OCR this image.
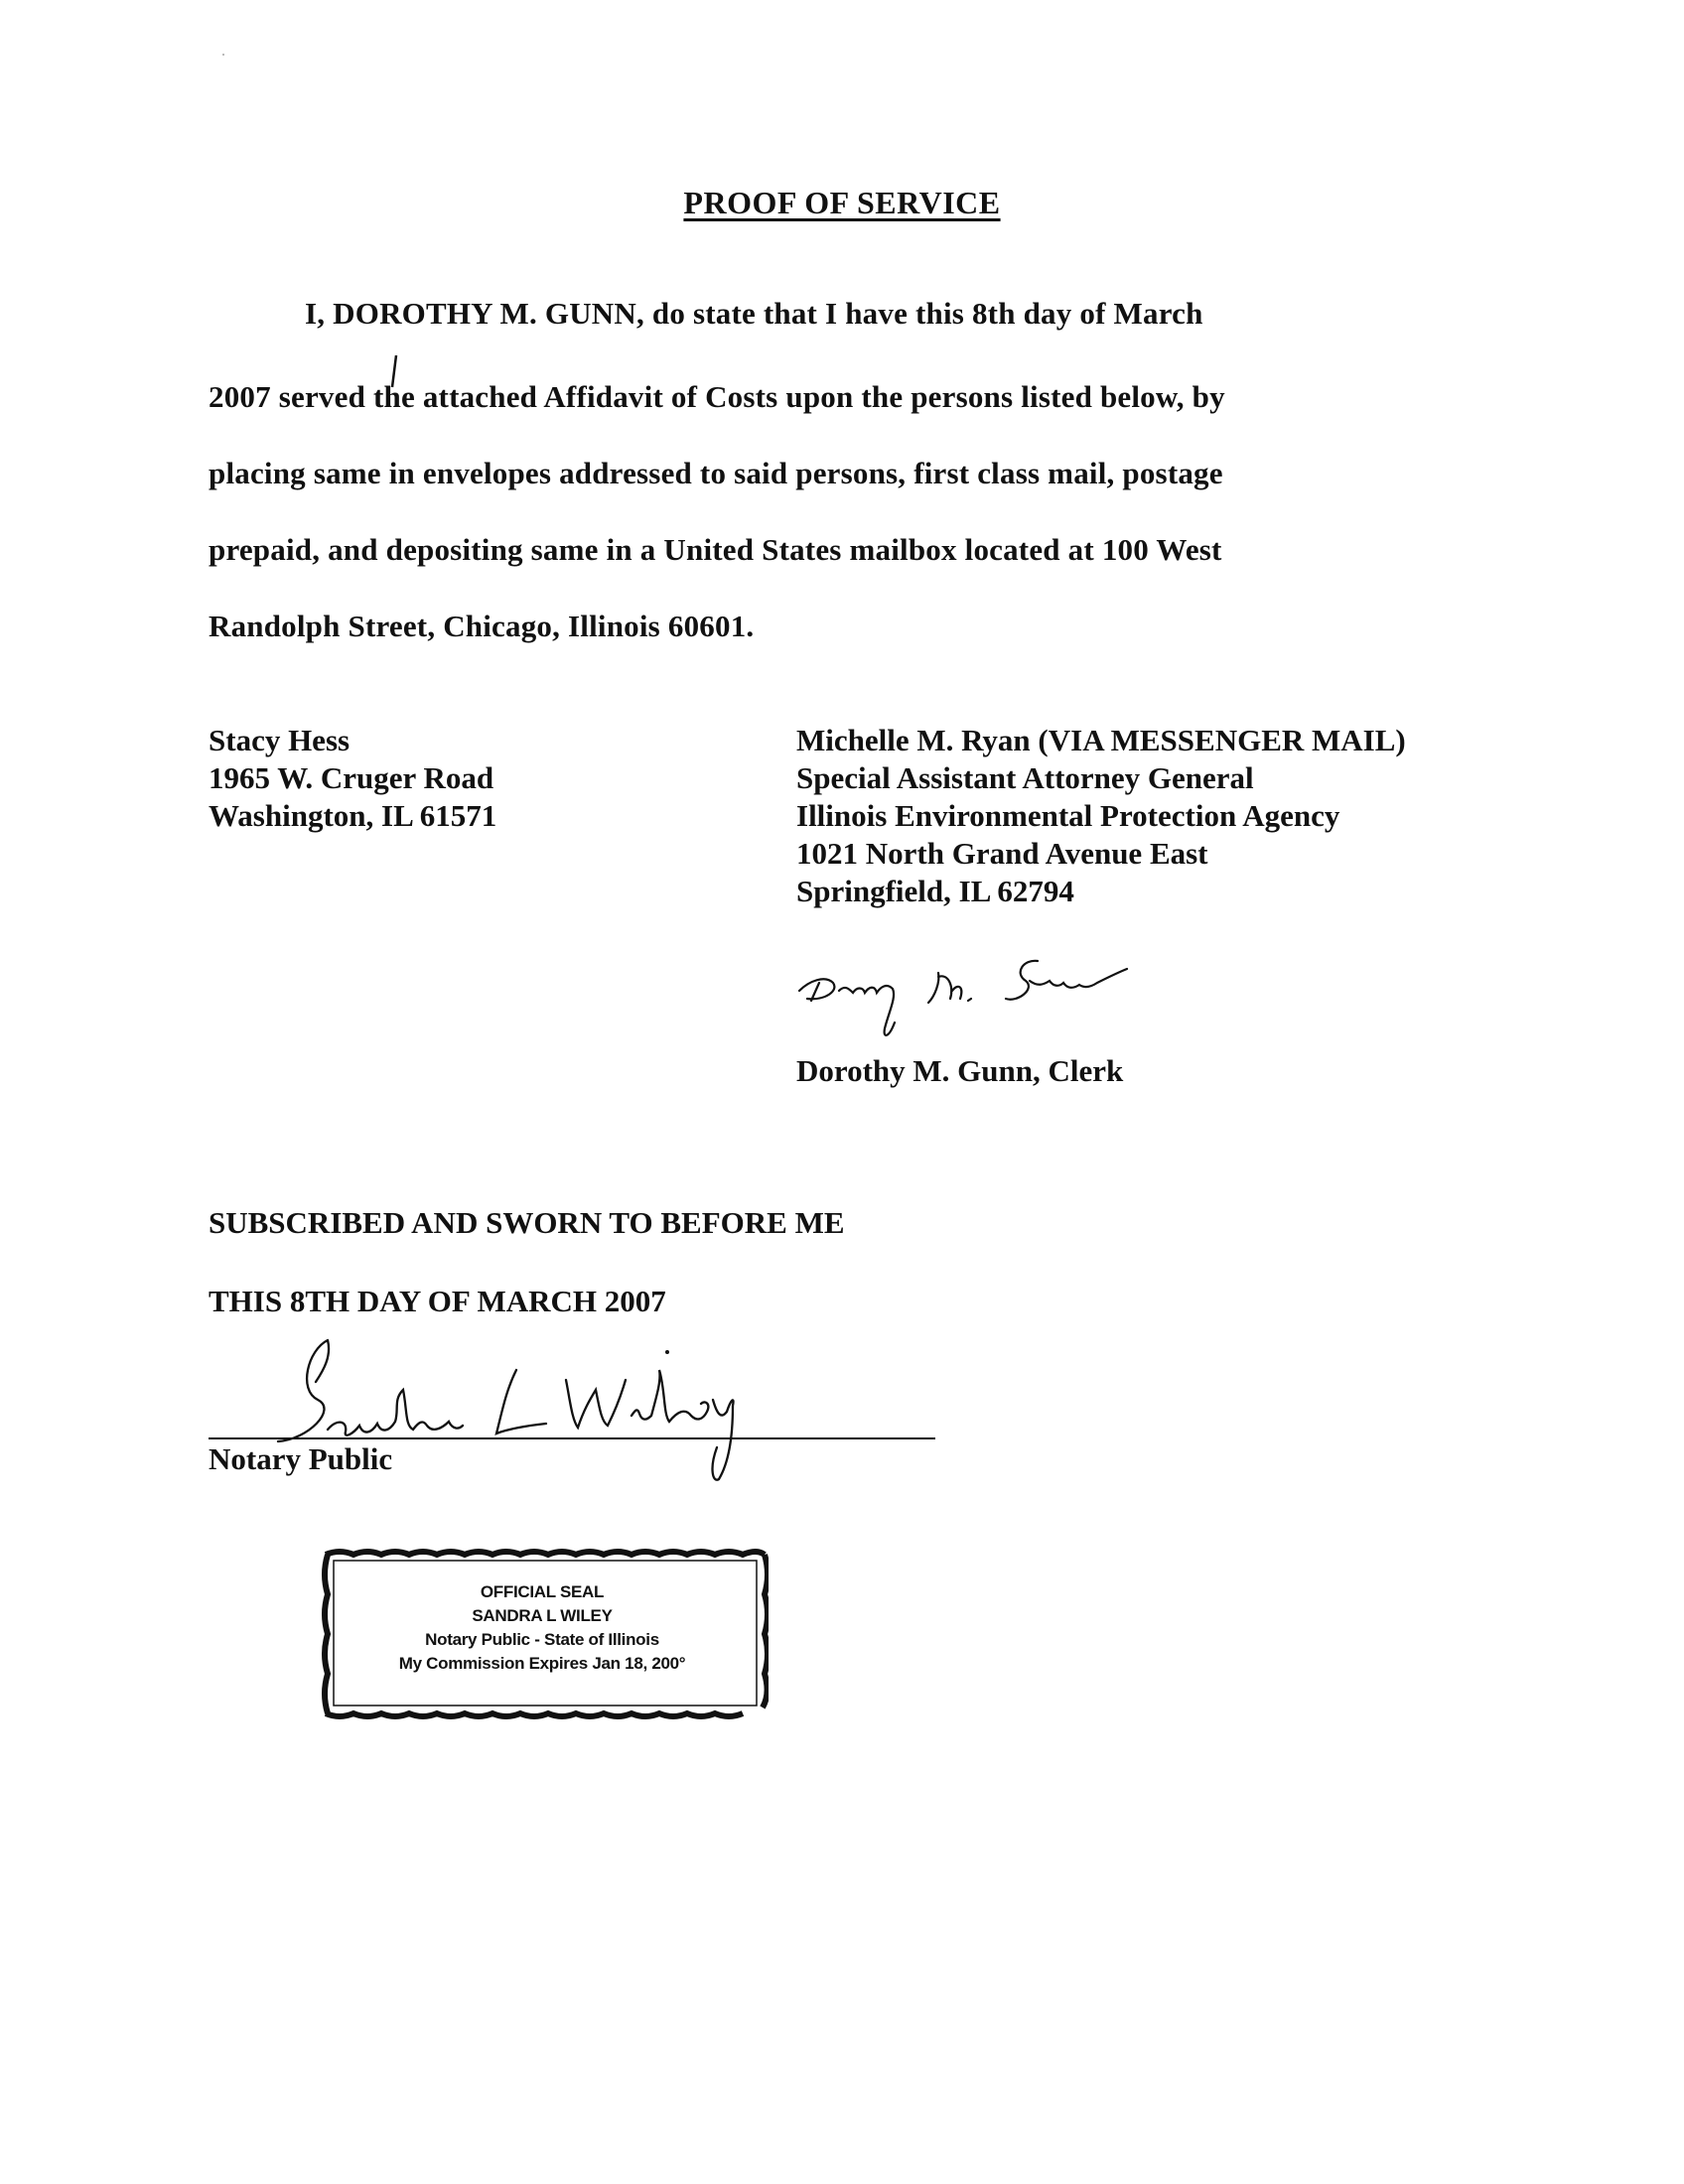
PROOF OF SERVICE
I, DOROTHY M. GUNN, do state that I have this 8th day of March
2007 served the attached Affidavit of Costs upon the persons listed below, by
placing same in envelopes addressed to said persons, first class mail, postage
prepaid, and depositing same in a United States mailbox located at 100 West
Randolph Street, Chicago, Illinois 60601.
Stacy Hess
1965 W. Cruger Road
Washington, IL 61571
Michelle M. Ryan (VIA MESSENGER MAIL)
Special Assistant Attorney General
Illinois Environmental Protection Agency
1021 North Grand Avenue East
Springfield, IL 62794
Dorothy M. Gunn, Clerk
SUBSCRIBED AND SWORN TO BEFORE ME
THIS 8TH DAY OF MARCH 2007
Notary Public
OFFICIAL SEAL
SANDRA L WILEY
Notary Public - State of Illinois
My Commission Expires Jan 18, 200°
